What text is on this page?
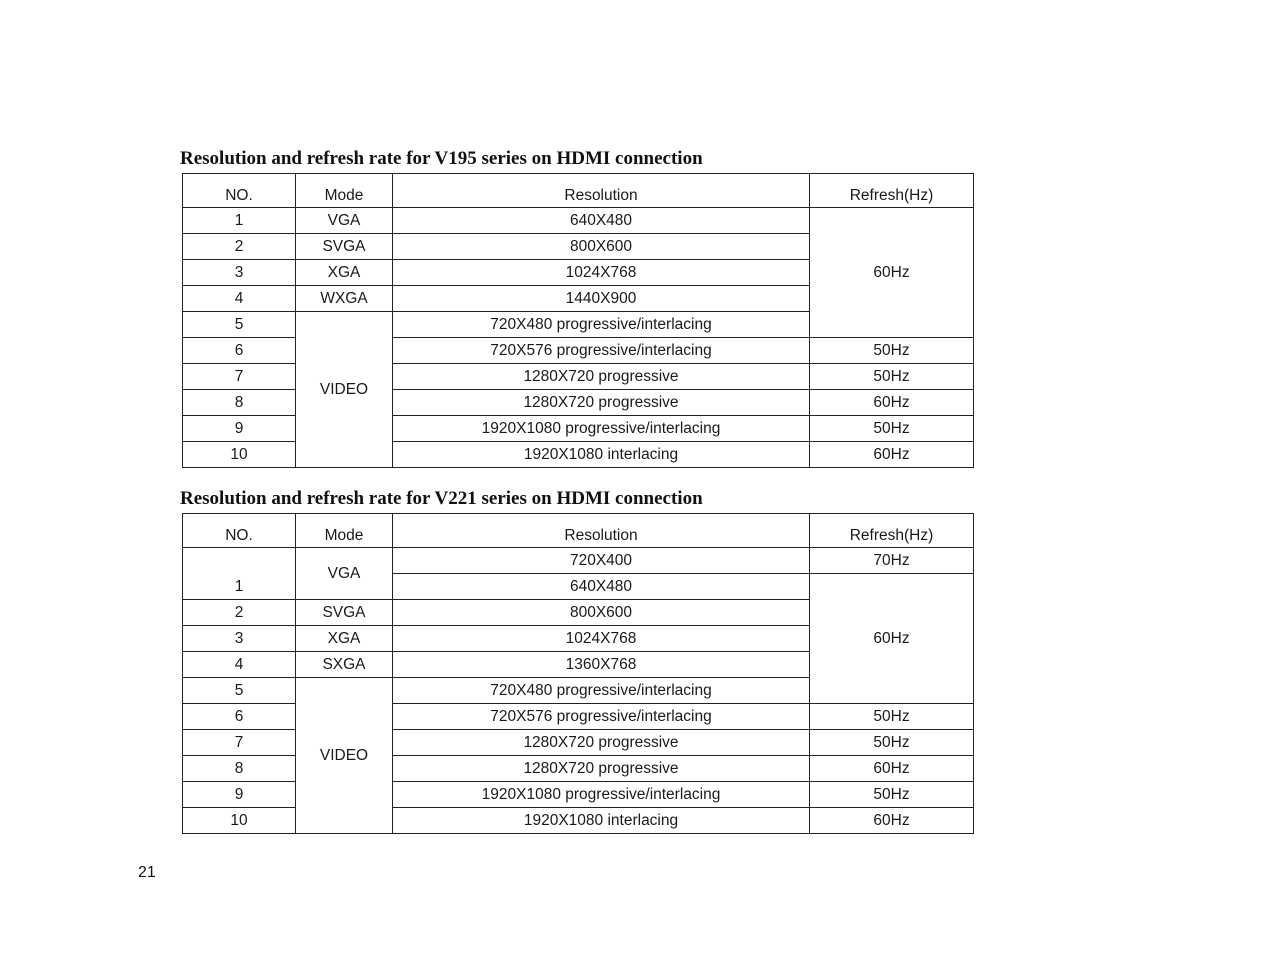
Resolution and refresh rate for V195 series on HDMI connection
NO.	Mode	Resolution	Refresh(Hz)
1	VGA	640X480	60Hz
2	SVGA	800X600	
3	XGA	1024X768	
4	WXGA	1440X900	
5	VIDEO	720X480 progressive/interlacing	
6		720X576 progressive/interlacing	50Hz
7		1280X720 progressive	50Hz
8		1280X720 progressive	60Hz
9		1920X1080 progressive/interlacing	50Hz
10		1920X1080 interlacing	60Hz
Resolution and refresh rate for V221 series on HDMI connection
NO.	Mode	Resolution	Refresh(Hz)
1	VGA	720X400	70Hz
		640X480	60Hz
2	SVGA	800X600	
3	XGA	1024X768	
4	SXGA	1360X768	
5	VIDEO	720X480 progressive/interlacing	
6		720X576 progressive/interlacing	50Hz
7		1280X720 progressive	50Hz
8		1280X720 progressive	60Hz
9		1920X1080 progressive/interlacing	50Hz
10		1920X1080 interlacing	60Hz

21
